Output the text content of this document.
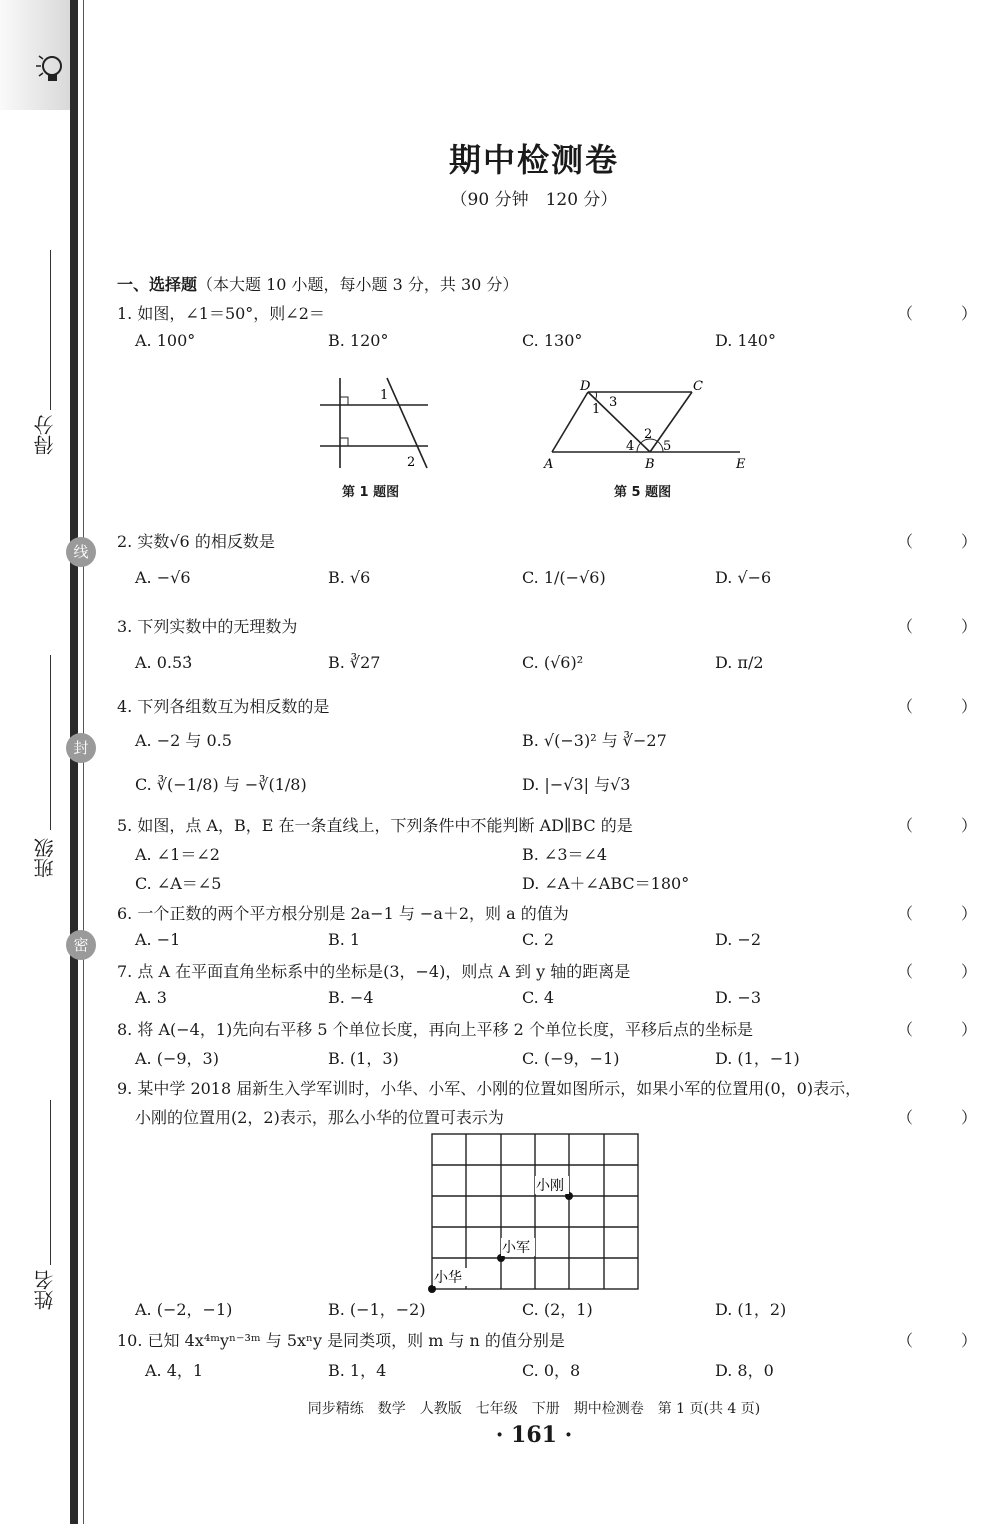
得分
班级
姓名
线
封
密
期中检测卷
（90 分钟　120 分）
一、选择题（本大题 10 小题，每小题 3 分，共 30 分）
1. 如图，∠1＝50°，则∠2＝	（　　　）
A. 100°	B. 120°	C. 130°	D. 140°
1
2
第 1 题图
D	C
A	B	E
1 3
4
2
5
第 5 题图
2. 实数√6 的相反数是	（　　　）
A. −√6	B. √6	C. 1/(−√6)	D. √−6
3. 下列实数中的无理数为	（　　　）
A. 0.53̇	B. ∛27	C. (√6)²	D. π/2
4. 下列各组数互为相反数的是	（　　　）
A. −2 与 0.5	B. √(−3)² 与 ∛−27
C. ∛(−1/8) 与 −∛(1/8)	D. |−√3| 与√3
5. 如图，点 A，B，E 在一条直线上，下列条件中不能判断 AD∥BC 的是	（　　　）
A. ∠1＝∠2	B. ∠3＝∠4
C. ∠A＝∠5	D. ∠A＋∠ABC＝180°
6. 一个正数的两个平方根分别是 2a−1 与 −a＋2，则 a 的值为	（　　　）
A. −1	B. 1	C. 2	D. −2
7. 点 A 在平面直角坐标系中的坐标是(3，−4)，则点 A 到 y 轴的距离是	（　　　）
A. 3	B. −4	C. 4	D. −3
8. 将 A(−4，1)先向右平移 5 个单位长度，再向上平移 2 个单位长度，平移后点的坐标是	（　　　）
A. (−9，3)	B. (1，3)	C. (−9，−1)	D. (1，−1)
9. 某中学 2018 届新生入学军训时，小华、小军、小刚的位置如图所示，如果小军的位置用(0，0)表示，
小刚的位置用(2，2)表示，那么小华的位置可表示为	（　　　）
小刚
小军
小华
A. (−2，−1)	B. (−1，−2)	C. (2，1)	D. (1，2)
10. 已知 4x⁴ᵐyⁿ⁻³ᵐ 与 5xⁿy 是同类项，则 m 与 n 的值分别是	（　　　）
A. 4，1	B. 1，4	C. 0，8	D. 8，0
同步精练　数学　人教版　七年级　下册　期中检测卷　第 1 页(共 4 页)
· 161 ·
